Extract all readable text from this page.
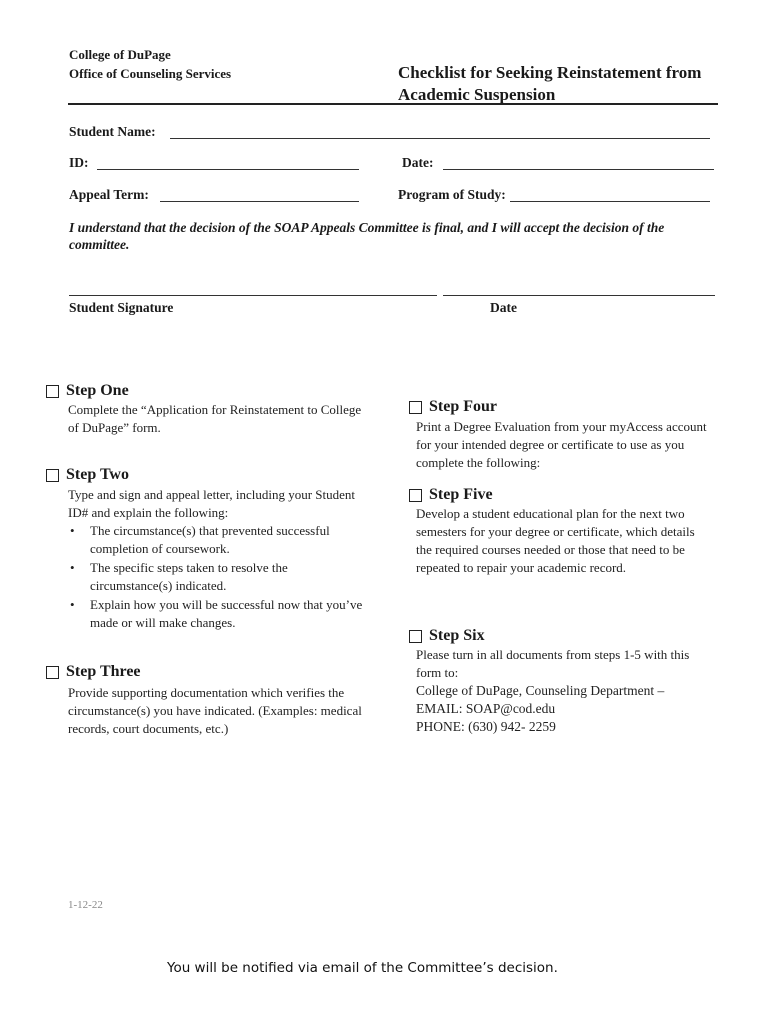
College of DuPage
Office of Counseling Services	Checklist for Seeking Reinstatement from
Academic Suspension
Student Name:
ID:	Date:
Appeal Term:	Program of Study:
I understand that the decision of the SOAP Appeals Committee is final, and I will accept the decision of the committee.
Student Signature	Date
Step One
Complete the “Application for Reinstatement to College of DuPage” form.
Step Two
Type and sign and appeal letter, including your Student ID# and explain the following:
• The circumstance(s) that prevented successful completion of coursework.
• The specific steps taken to resolve the circumstance(s) indicated.
• Explain how you will be successful now that you’ve made or will make changes.
Step Three
Provide supporting documentation which verifies the circumstance(s) you have indicated. (Examples: medical records, court documents, etc.)
Step Four
Print a Degree Evaluation from your myAccess account for your intended degree or certificate to use as you complete the following:
Step Five
Develop a student educational plan for the next two semesters for your degree or certificate, which details the required courses needed or those that need to be repeated to repair your academic record.
Step Six
Please turn in all documents from steps 1-5 with this form to:
College of DuPage, Counseling Department –
EMAIL: SOAP@cod.edu
PHONE: (630) 942- 2259
1-12-22
You will be notified via email of the Committee’s decision.
